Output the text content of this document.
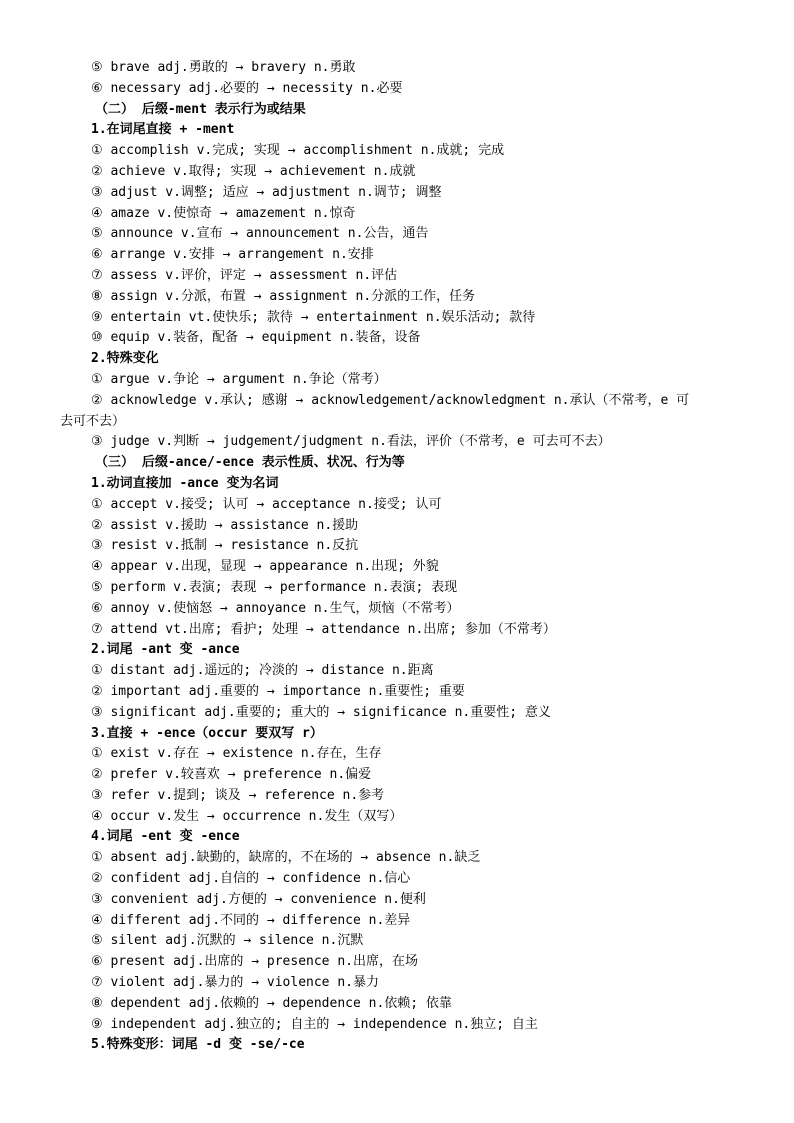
⑤ brave adj.勇敢的 → bravery n.勇敢
⑥ necessary adj.必要的 → necessity n.必要
（二） 后缀-ment 表示行为或结果
1.在词尾直接 + -ment
① accomplish v.完成; 实现 → accomplishment n.成就; 完成
② achieve v.取得; 实现 → achievement n.成就
③ adjust v.调整; 适应 → adjustment n.调节; 调整
④ amaze v.使惊奇 → amazement n.惊奇
⑤ announce v.宣布 → announcement n.公告，通告
⑥ arrange v.安排 → arrangement n.安排
⑦ assess v.评价，评定 → assessment n.评估
⑧ assign v.分派，布置 → assignment n.分派的工作，任务
⑨ entertain vt.使快乐; 款待 → entertainment n.娱乐活动; 款待
⑩ equip v.装备，配备 → equipment n.装备，设备
2.特殊变化
① argue v.争论 → argument n.争论（常考）
② acknowledge v.承认; 感谢 → acknowledgement/acknowledgment n.承认（不常考，e 可
去可不去）
③ judge v.判断 → judgement/judgment n.看法，评价（不常考，e 可去可不去）
（三） 后缀-ance/-ence 表示性质、状况、行为等
1.动词直接加 -ance 变为名词
① accept v.接受; 认可 → acceptance n.接受; 认可
② assist v.援助 → assistance n.援助
③ resist v.抵制 → resistance n.反抗
④ appear v.出现，显现 → appearance n.出现; 外貌
⑤ perform v.表演; 表现 → performance n.表演; 表现
⑥ annoy v.使恼怒 → annoyance n.生气，烦恼（不常考）
⑦ attend vt.出席; 看护; 处理 → attendance n.出席; 参加（不常考）
2.词尾 -ant 变 -ance
① distant adj.遥远的; 冷淡的 → distance n.距离
② important adj.重要的 → importance n.重要性; 重要
③ significant adj.重要的; 重大的 → significance n.重要性; 意义
3.直接 + -ence（occur 要双写 r）
① exist v.存在 → existence n.存在，生存
② prefer v.较喜欢 → preference n.偏爱
③ refer v.提到; 谈及 → reference n.参考
④ occur v.发生 → occurrence n.发生（双写）
4.词尾 -ent 变 -ence
① absent adj.缺勤的，缺席的，不在场的 → absence n.缺乏
② confident adj.自信的 → confidence n.信心
③ convenient adj.方便的 → convenience n.便利
④ different adj.不同的 → difference n.差异
⑤ silent adj.沉默的 → silence n.沉默
⑥ present adj.出席的 → presence n.出席，在场
⑦ violent adj.暴力的 → violence n.暴力
⑧ dependent adj.依赖的 → dependence n.依赖; 依靠
⑨ independent adj.独立的; 自主的 → independence n.独立; 自主
5.特殊变形：词尾 -d 变 -se/-ce
